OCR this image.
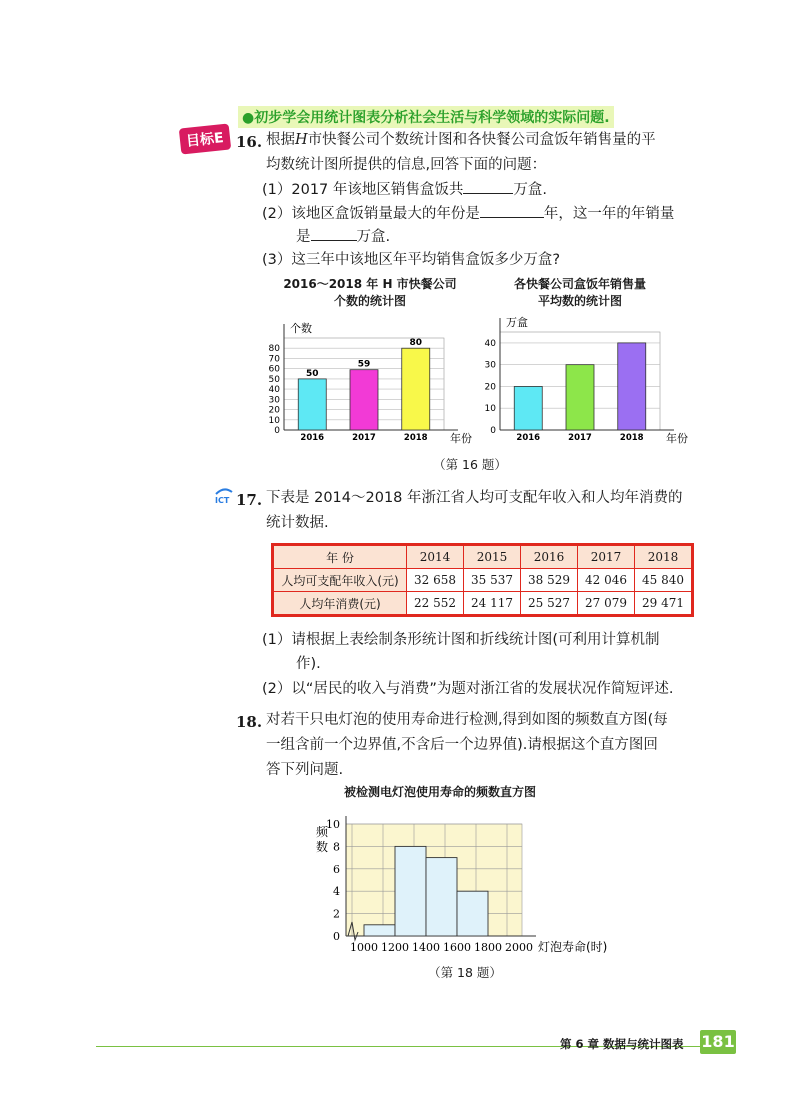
●初步学会用统计图表分析社会生活与科学领域的实际问题.
目标E 16. 根据H市快餐公司个数统计图和各快餐公司盒饭年销售量的平
均数统计图所提供的信息,回答下面的问题：
(1）2017 年该地区销售盒饭共	万盒.
(2）该地区盒饭销量最大的年份是	年，这一年的年销量
是	万盒.
(3）这三年中该地区年平均销售盒饭多少万盒?
2016～2018 年 H 市快餐公司
个数的统计图
各快餐公司盒饭年销售量
平均数的统计图
0
10
20
30
40
50
60
70
80
个数
年份
2016
50
2017
59
2018
80
0
10
20
30
40
万盒
年份
2016	2017	2018
（第 16 题）
ICT 17. 下表是 2014～2018 年浙江省人均可支配年收入和人均年消费的
统计数据.
年 份	2014	2015	2016	2017	2018
人均可支配年收入(元)	32 658	35 537	38 529	42 046	45 840
人均年消费(元)	22 552	24 117	25 527	27 079	29 471
(1）请根据上表绘制条形统计图和折线统计图(可利用计算机制
作).
(2）以“居民的收入与消费”为题对浙江省的发展状况作简短评述.
18. 对若干只电灯泡的使用寿命进行检测,得到如图的频数直方图(每
一组含前一个边界值,不含后一个边界值).请根据这个直方图回
答下列问题.
被检测电灯泡使用寿命的频数直方图
0
2
4
6
8
10
1000 1200 1400 1600 1800 2000
频
数
灯泡寿命(时)
（第 18 题）
第 6 章 数据与统计图表	181
